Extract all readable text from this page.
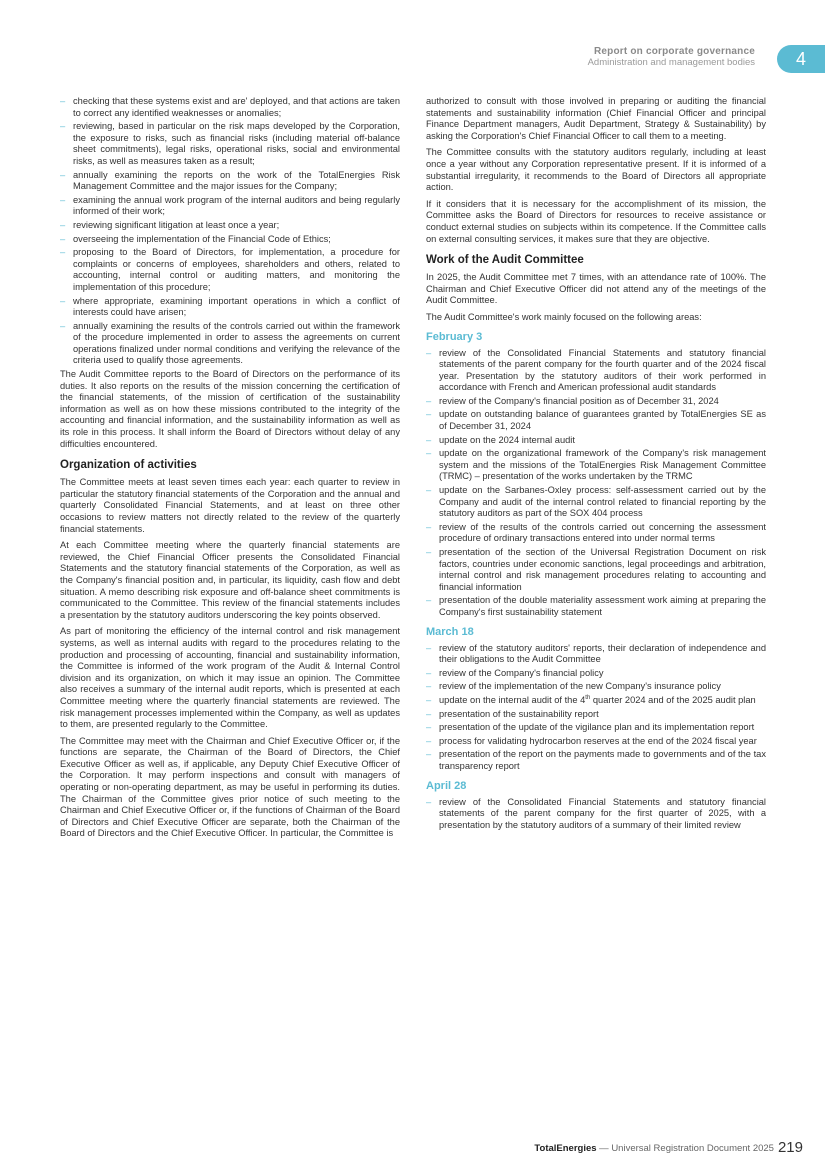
Report on corporate governance
Administration and management bodies	4
– checking that these systems exist and are' deployed, and that actions are taken to correct any identified weaknesses or anomalies;
– reviewing, based in particular on the risk maps developed by the Corporation, the exposure to risks, such as financial risks (including material off-balance sheet commitments), legal risks, operational risks, social and environmental risks, as well as measures taken as a result;
– annually examining the reports on the work of the TotalEnergies Risk Management Committee and the major issues for the Company;
– examining the annual work program of the internal auditors and being regularly informed of their work;
– reviewing significant litigation at least once a year;
– overseeing the implementation of the Financial Code of Ethics;
– proposing to the Board of Directors, for implementation, a procedure for complaints or concerns of employees, shareholders and others, related to accounting, internal control or auditing matters, and monitoring the implementation of this procedure;
– where appropriate, examining important operations in which a conflict of interests could have arisen;
– annually examining the results of the controls carried out within the framework of the procedure implemented in order to assess the agreements on current operations finalized under normal conditions and verifying the relevance of the criteria used to qualify those agreements.

The Audit Committee reports to the Board of Directors on the performance of its duties. It also reports on the results of the mission concerning the certification of the financial statements, of the mission of certification of the sustainability information as well as on how these missions contributed to the integrity of the accounting and financial information, and the sustainability information as well as its role in this process. It shall inform the Board of Directors without delay of any difficulties encountered.

Organization of activities

The Committee meets at least seven times each year: each quarter to review in particular the statutory financial statements of the Corporation and the annual and quarterly Consolidated Financial Statements, and at least on three other occasions to review matters not directly related to the review of the quarterly financial statements.

At each Committee meeting where the quarterly financial statements are reviewed, the Chief Financial Officer presents the Consolidated Financial Statements and the statutory financial statements of the Corporation, as well as the Company's financial position and, in particular, its liquidity, cash flow and debt situation. A memo describing risk exposure and off-balance sheet commitments is communicated to the Committee. This review of the financial statements includes a presentation by the statutory auditors underscoring the key points observed.

As part of monitoring the efficiency of the internal control and risk management systems, as well as internal audits with regard to the procedures relating to the production and processing of accounting, financial and sustainability information, the Committee is informed of the work program of the Audit & Internal Control division and its organization, on which it may issue an opinion. The Committee also receives a summary of the internal audit reports, which is presented at each Committee meeting where the quarterly financial statements are reviewed. The risk management processes implemented within the Company, as well as updates to them, are presented regularly to the Committee.

The Committee may meet with the Chairman and Chief Executive Officer or, if the functions are separate, the Chairman of the Board of Directors, the Chief Executive Officer as well as, if applicable, any Deputy Chief Executive Officer of the Corporation. It may perform inspections and consult with managers of operating or non-operating department, as may be useful in performing its duties. The Chairman of the Committee gives prior notice of such meeting to the Chairman and Chief Executive Officer or, if the functions of Chairman of the Board of Directors and Chief Executive Officer are separate, both the Chairman of the Board of Directors and the Chief Executive Officer. In particular, the Committee is

authorized to consult with those involved in preparing or auditing the financial statements and sustainability information (Chief Financial Officer and principal Finance Department managers, Audit Department, Strategy & Sustainability) by asking the Corporation's Chief Financial Officer to call them to a meeting.

The Committee consults with the statutory auditors regularly, including at least once a year without any Corporation representative present. If it is informed of a substantial irregularity, it recommends to the Board of Directors all appropriate action.

If it considers that it is necessary for the accomplishment of its mission, the Committee asks the Board of Directors for resources to receive assistance or conduct external studies on subjects within its competence. If the Committee calls on external consulting services, it makes sure that they are objective.

Work of the Audit Committee

In 2025, the Audit Committee met 7 times, with an attendance rate of 100%. The Chairman and Chief Executive Officer did not attend any of the meetings of the Audit Committee.

The Audit Committee's work mainly focused on the following areas:

February 3
– review of the Consolidated Financial Statements and statutory financial statements of the parent company for the fourth quarter and of the 2024 fiscal year. Presentation by the statutory auditors of their work performed in accordance with French and American professional audit standards
– review of the Company's financial position as of December 31, 2024
– update on outstanding balance of guarantees granted by TotalEnergies SE as of December 31, 2024
– update on the 2024 internal audit
– update on the organizational framework of the Company's risk management system and the missions of the TotalEnergies Risk Management Committee (TRMC) – presentation of the works undertaken by the TRMC
– update on the Sarbanes-Oxley process: self-assessment carried out by the Company and audit of the internal control related to financial reporting by the statutory auditors as part of the SOX 404 process
– review of the results of the controls carried out concerning the assessment procedure of ordinary transactions entered into under normal terms
– presentation of the section of the Universal Registration Document on risk factors, countries under economic sanctions, legal proceedings and arbitration, internal control and risk management procedures relating to accounting and financial information
– presentation of the double materiality assessment work aiming at preparing the Company's first sustainability statement
March 18
– review of the statutory auditors' reports, their declaration of independence and their obligations to the Audit Committee
– review of the Company's financial policy
– review of the implementation of the new Company's insurance policy
– update on the internal audit of the 4th quarter 2024 and of the 2025 audit plan
– presentation of the sustainability report
– presentation of the update of the vigilance plan and its implementation report
– process for validating hydrocarbon reserves at the end of the 2024 fiscal year
– presentation of the report on the payments made to governments and of the tax transparency report
April 28
– review of the Consolidated Financial Statements and statutory financial statements of the parent company for the first quarter of 2025, with a presentation by the statutory auditors of a summary of their limited review
TotalEnergies — Universal Registration Document 2025 219
